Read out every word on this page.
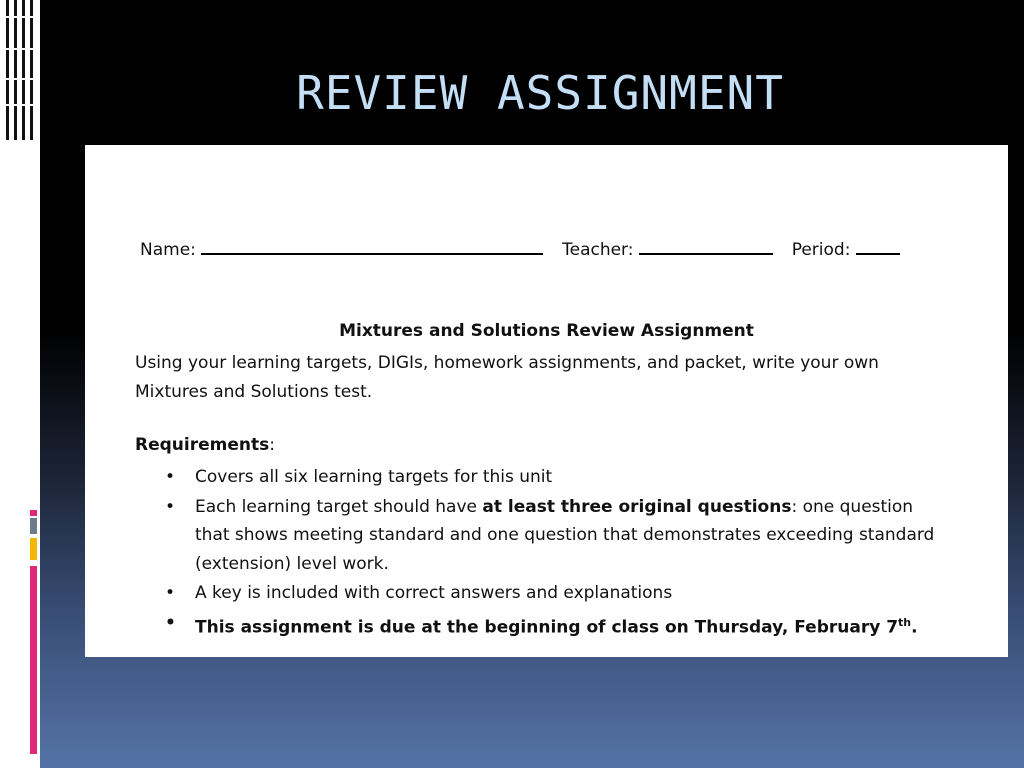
REVIEW ASSIGNMENT
Name:	Teacher:	Period:
Mixtures and Solutions Review Assignment
Using your learning targets, DIGIs, homework assignments, and packet, write your own Mixtures and Solutions test.
Requirements:
• Covers all six learning targets for this unit
• Each learning target should have at least three original questions: one question that shows meeting standard and one question that demonstrates exceeding standard (extension) level work.
• A key is included with correct answers and explanations
• This assignment is due at the beginning of class on Thursday, February 7th.
